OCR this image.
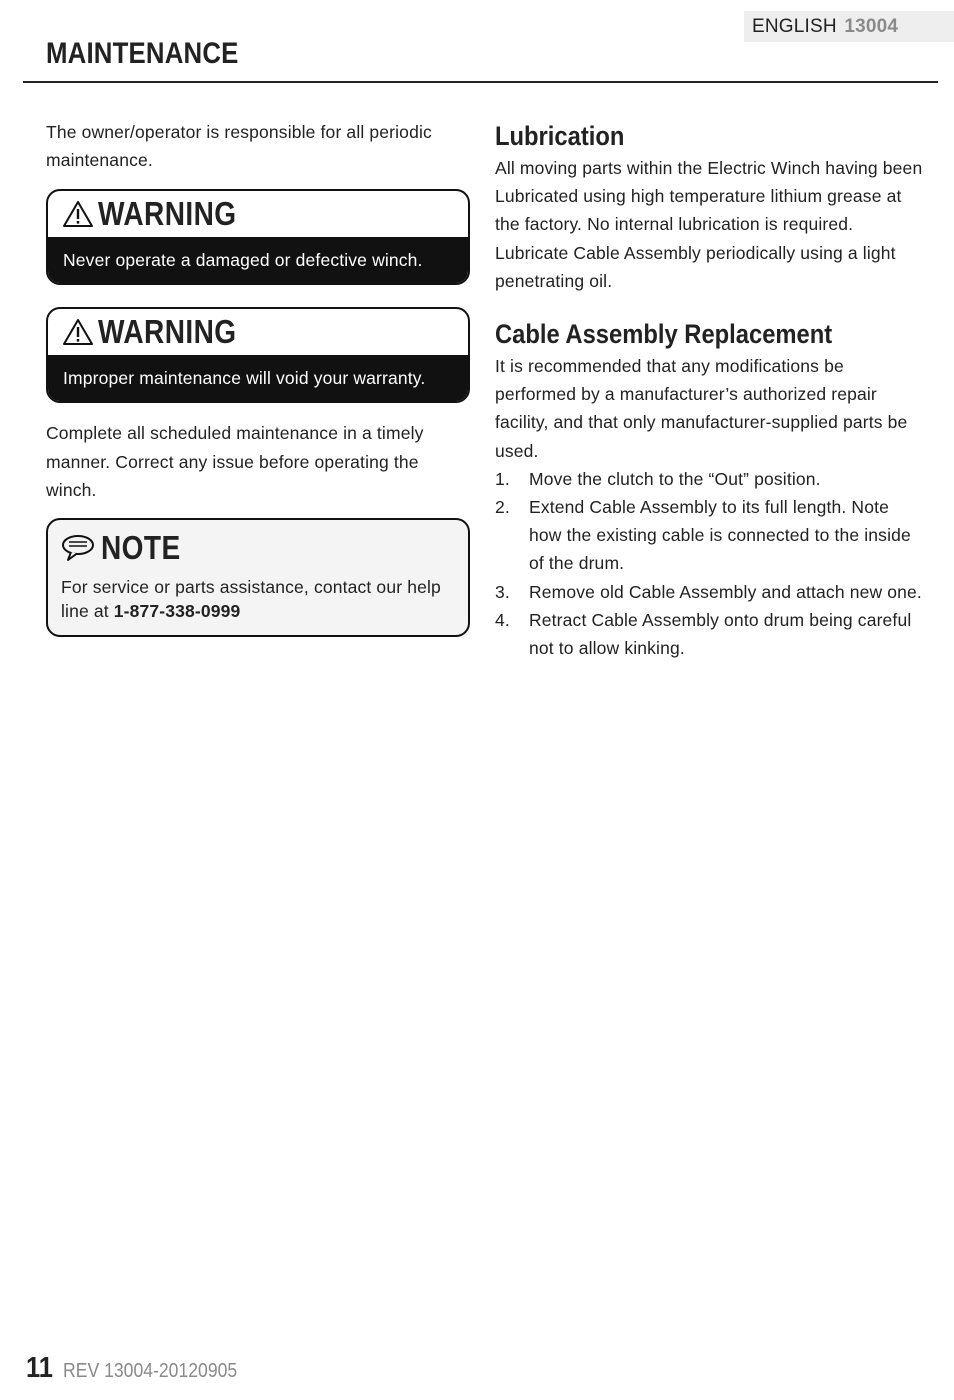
ENGLISH 13004
MAINTENANCE

The owner/operator is responsible for all periodic maintenance.

WARNING
Never operate a damaged or defective winch.
WARNING
Improper maintenance will void your warranty.

Complete all scheduled maintenance in a timely manner. Correct any issue before operating the winch.

NOTE
For service or parts assistance, contact our help line at 1-877-338-0999
Lubrication

All moving parts within the Electric Winch having been Lubricated using high temperature lithium grease at the factory. No internal lubrication is required. Lubricate Cable Assembly periodically using a light penetrating oil.

Cable Assembly Replacement

It is recommended that any modifications be performed by a manufacturer’s authorized repair facility, and that only manufacturer-supplied parts be used.

1. Move the clutch to the “Out” position.
2. Extend Cable Assembly to its full length. Note how the existing cable is connected to the inside of the drum.
3. Remove old Cable Assembly and attach new one.
4. Retract Cable Assembly onto drum being careful not to allow kinking.
11 REV 13004-20120905
